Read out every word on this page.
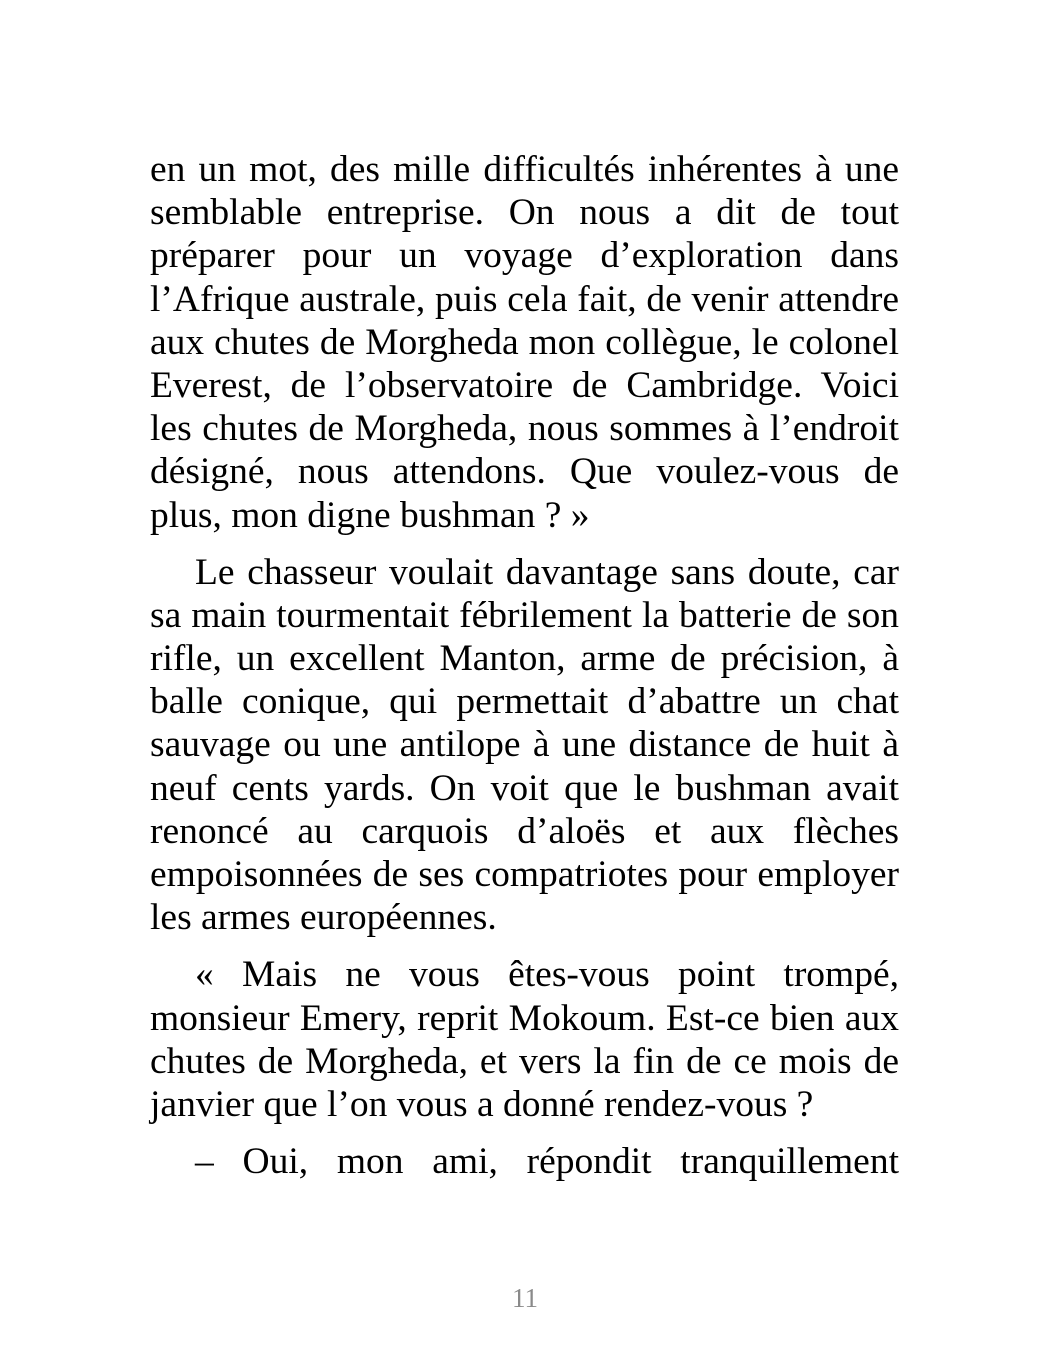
en un mot, des mille difficultés inhérentes à une
semblable entreprise. On nous a dit de tout
préparer pour un voyage d’exploration dans
l’Afrique australe, puis cela fait, de venir attendre
aux chutes de Morgheda mon collègue, le colonel
Everest, de l’observatoire de Cambridge. Voici
les chutes de Morgheda, nous sommes à l’endroit
désigné, nous attendons. Que voulez-vous de
plus, mon digne bushman ? »
Le chasseur voulait davantage sans doute, car
sa main tourmentait fébrilement la batterie de son
rifle, un excellent Manton, arme de précision, à
balle conique, qui permettait d’abattre un chat
sauvage ou une antilope à une distance de huit à
neuf cents yards. On voit que le bushman avait
renoncé au carquois d’aloës et aux flèches
empoisonnées de ses compatriotes pour employer
les armes européennes.
« Mais ne vous êtes-vous point trompé,
monsieur Emery, reprit Mokoum. Est-ce bien aux
chutes de Morgheda, et vers la fin de ce mois de
janvier que l’on vous a donné rendez-vous ?
– Oui, mon ami, répondit tranquillement
11
